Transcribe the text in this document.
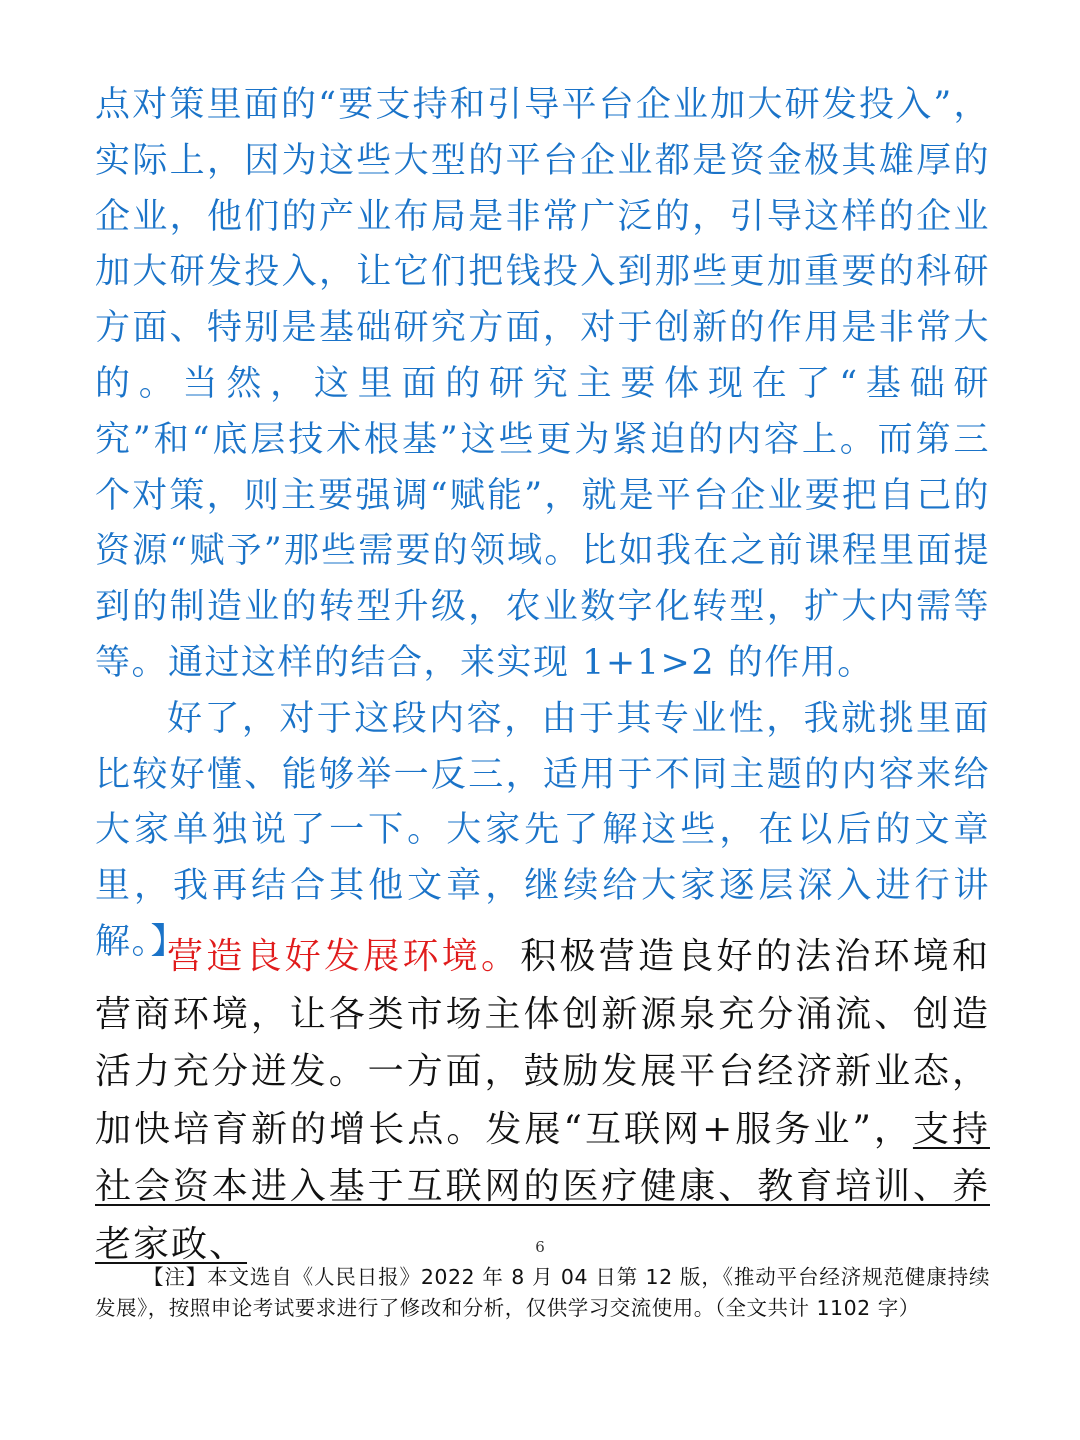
点对策里面的“要支持和引导平台企业加大研发投入”，实际上，因为这些大型的平台企业都是资金极其雄厚的企业，他们的产业布局是非常广泛的，引导这样的企业加大研发投入，让它们把钱投入到那些更加重要的科研方面、特别是基础研究方面，对于创新的作用是非常大的。当然，这里面的研究主要体现在了“基础研究”和“底层技术根基”这些更为紧迫的内容上。而第三个对策，则主要强调“赋能”，就是平台企业要把自己的资源“赋予”那些需要的领域。比如我在之前课程里面提到的制造业的转型升级，农业数字化转型，扩大内需等等。通过这样的结合，来实现 1+1>2 的作用。

好了，对于这段内容，由于其专业性，我就挑里面比较好懂、能够举一反三，适用于不同主题的内容来给大家单独说了一下。大家先了解这些，在以后的文章里，我再结合其他文章，继续给大家逐层深入进行讲解。】

营造良好发展环境。积极营造良好的法治环境和营商环境，让各类市场主体创新源泉充分涌流、创造活力充分迸发。一方面，鼓励发展平台经济新业态，加快培育新的增长点。发展“互联网+服务业”，支持社会资本进入基于互联网的医疗健康、教育培训、养老家政、	6

【注】本文选自《人民日报》2022 年 8 月 04 日第 12 版，《推动平台经济规范健康持续发展》，按照申论考试要求进行了修改和分析，仅供学习交流使用。（全文共计 1102 字）
